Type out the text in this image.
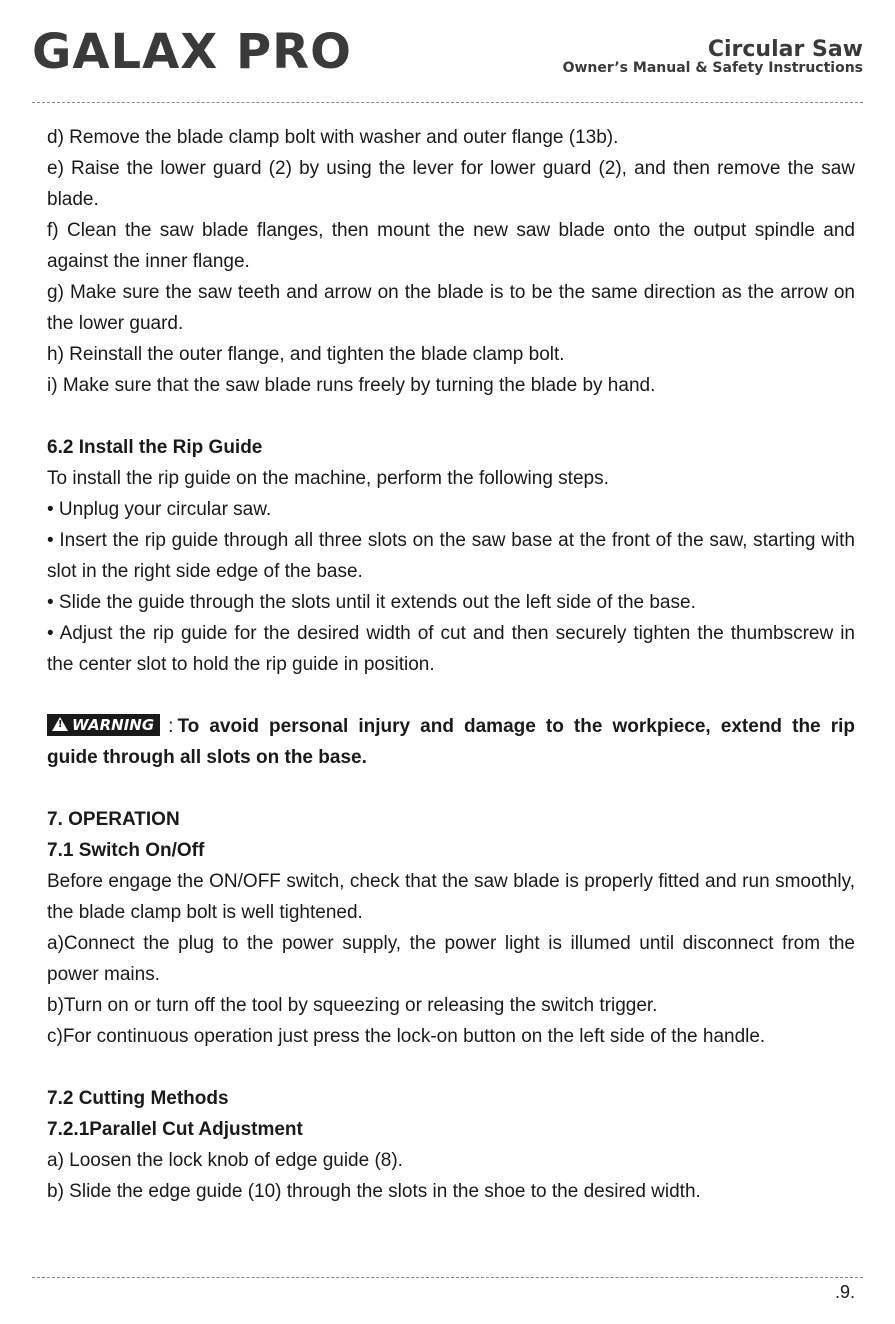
GALAX PRO	Circular Saw
Owner’s Manual & Safety Instructions

d) Remove the blade clamp bolt with washer and outer flange (13b).

e) Raise the lower guard (2) by using the lever for lower guard (2), and then remove the saw blade.

f) Clean the saw blade flanges, then mount the new saw blade onto the output spindle and against the inner flange.

g) Make sure the saw teeth and arrow on the blade is to be the same direction as the arrow on the lower guard.

h) Reinstall the outer flange, and tighten the blade clamp bolt.

i) Make sure that the saw blade runs freely by turning the blade by hand.

6.2 Install the Rip Guide

To install the rip guide on the machine, perform the following steps.

• Unplug your circular saw.

• Insert the rip guide through all three slots on the saw base at the front of the saw, starting with slot in the right side edge of the base.

• Slide the guide through the slots until it extends out the left side of the base.

• Adjust the rip guide for the desired width of cut and then securely tighten the thumbscrew in the center slot to hold the rip guide in position.

!WARNING : To avoid personal injury and damage to the workpiece, extend the rip guide through all slots on the base.

7. OPERATION

7.1 Switch On/Off

Before engage the ON/OFF switch, check that the saw blade is properly fitted and run smoothly, the blade clamp bolt is well tightened.

a)Connect the plug to the power supply, the power light is illumed until disconnect from the power mains.

b)Turn on or turn off the tool by squeezing or releasing the switch trigger.

c)For continuous operation just press the lock-on button on the left side of the handle.

7.2 Cutting Methods

7.2.1Parallel Cut Adjustment

a) Loosen the lock knob of edge guide (8).

b) Slide the edge guide (10) through the slots in the shoe to the desired width.

.9.
